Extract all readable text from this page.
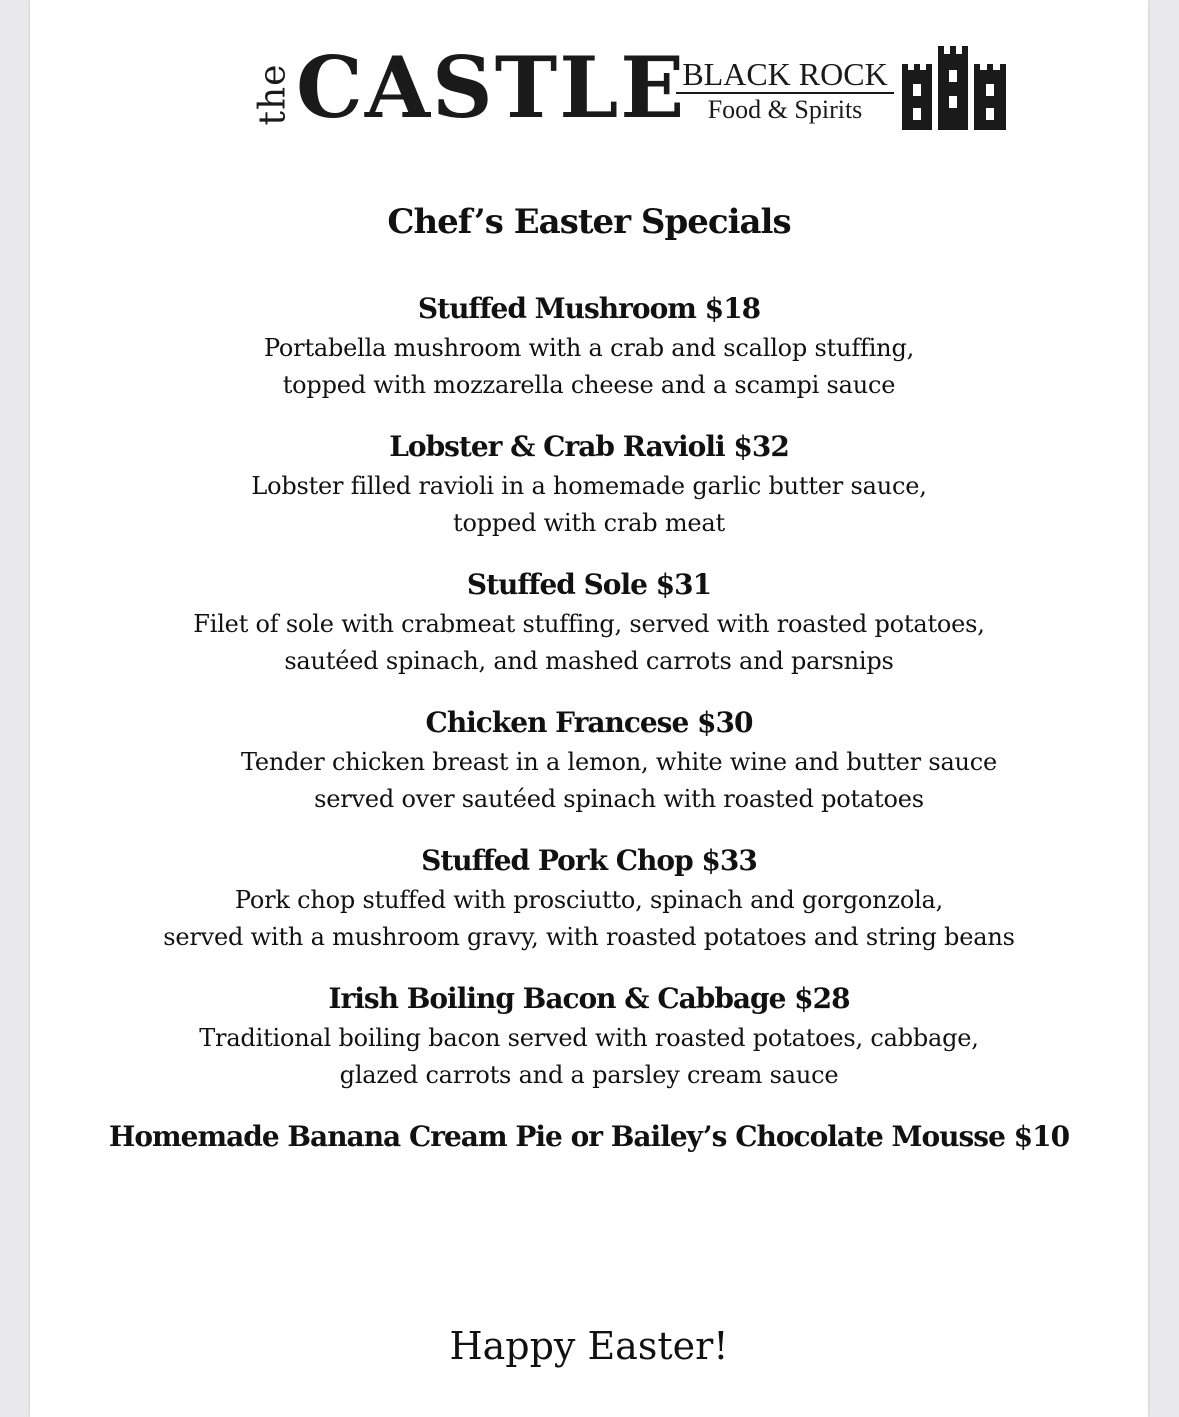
the CASTLE
BLACK ROCK
Food & Spirits
Chef’s Easter Specials
Stuffed Mushroom $18
Portabella mushroom with a crab and scallop stuffing,
topped with mozzarella cheese and a scampi sauce
Lobster & Crab Ravioli $32
Lobster filled ravioli in a homemade garlic butter sauce,
topped with crab meat
Stuffed Sole $31
Filet of sole with crabmeat stuffing, served with roasted potatoes,
sautéed spinach, and mashed carrots and parsnips
Chicken Francese $30
Tender chicken breast in a lemon, white wine and butter sauce
served over sautéed spinach with roasted potatoes
Stuffed Pork Chop $33
Pork chop stuffed with prosciutto, spinach and gorgonzola,
served with a mushroom gravy, with roasted potatoes and string beans
Irish Boiling Bacon & Cabbage $28
Traditional boiling bacon served with roasted potatoes, cabbage,
glazed carrots and a parsley cream sauce
Homemade Banana Cream Pie or Bailey’s Chocolate Mousse $10
Happy Easter!
